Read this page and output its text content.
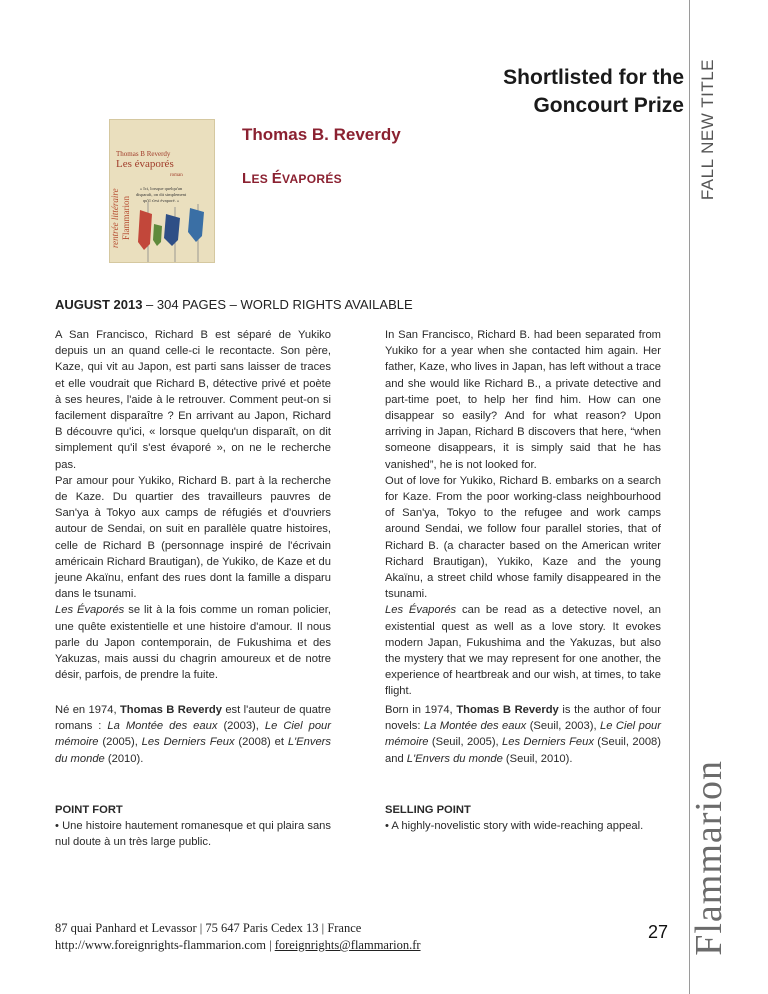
FALL NEW TITLE
Shortlisted for the
Goncourt Prize
Thomas B Reverdy
Les évaporés
roman
« Ici, lorsque quelqu'un disparaît, on dit simplement qu'il s'est évaporé. »
rentrée littéraire Flammarion
Thomas B. Reverdy
LES ÉVAPORÉS
AUGUST 2013 – 304 PAGES – WORLD RIGHTS AVAILABLE

A San Francisco, Richard B est séparé de Yukiko depuis un an quand celle-ci le recontacte. Son père, Kaze, qui vit au Japon, est parti sans laisser de traces et elle voudrait que Richard B, détective privé et poète à ses heures, l'aide à le retrouver. Comment peut-on si facilement disparaître ? En arrivant au Japon, Richard B découvre qu'ici, « lorsque quelqu'un disparaît, on dit simplement qu'il s'est évaporé », on ne le recherche pas.

Par amour pour Yukiko, Richard B. part à la recherche de Kaze. Du quartier des travailleurs pauvres de San'ya à Tokyo aux camps de réfugiés et d'ouvriers autour de Sendai, on suit en parallèle quatre histoires, celle de Richard B (personnage inspiré de l'écrivain américain Richard Brautigan), de Yukiko, de Kaze et du jeune Akaïnu, enfant des rues dont la famille a disparu dans le tsunami.

Les Évaporés se lit à la fois comme un roman policier, une quête existentielle et une histoire d'amour. Il nous parle du Japon contemporain, de Fukushima et des Yakuzas, mais aussi du chagrin amoureux et de notre désir, parfois, de prendre la fuite.

Né en 1974, Thomas B Reverdy est l'auteur de quatre romans : La Montée des eaux (2003), Le Ciel pour mémoire (2005), Les Derniers Feux (2008) et L'Envers du monde (2010).

POINT FORT

• Une histoire hautement romanesque et qui plaira sans nul doute à un très large public.

In San Francisco, Richard B. had been separated from Yukiko for a year when she contacted him again. Her father, Kaze, who lives in Japan, has left without a trace and she would like Richard B., a private detective and part-time poet, to help her find him. How can one disappear so easily? And for what reason? Upon arriving in Japan, Richard B discovers that here, “when someone disappears, it is simply said that he has vanished”, he is not looked for.

Out of love for Yukiko, Richard B. embarks on a search for Kaze. From the poor working-class neighbourhood of San'ya, Tokyo to the refugee and work camps around Sendai, we follow four parallel stories, that of Richard B. (a character based on the American writer Richard Brautigan), Yukiko, Kaze and the young Akaïnu, a street child whose family disappeared in the tsunami.

Les Évaporés can be read as a detective novel, an existential quest as well as a love story. It evokes modern Japan, Fukushima and the Yakuzas, but also the mystery that we may represent for one another, the experience of heartbreak and our wish, at times, to take flight.

Born in 1974, Thomas B Reverdy is the author of four novels: La Montée des eaux (Seuil, 2003), Le Ciel pour mémoire (Seuil, 2005), Les Derniers Feux (Seuil, 2008) and L'Envers du monde (Seuil, 2010).

SELLING POINT

• A highly-novelistic story with wide-reaching appeal.

87 quai Panhard et Levassor | 75 647 Paris Cedex 13 | France
http://www.foreignrights-flammarion.com | foreignrights@flammarion.fr
27 Flammarion
